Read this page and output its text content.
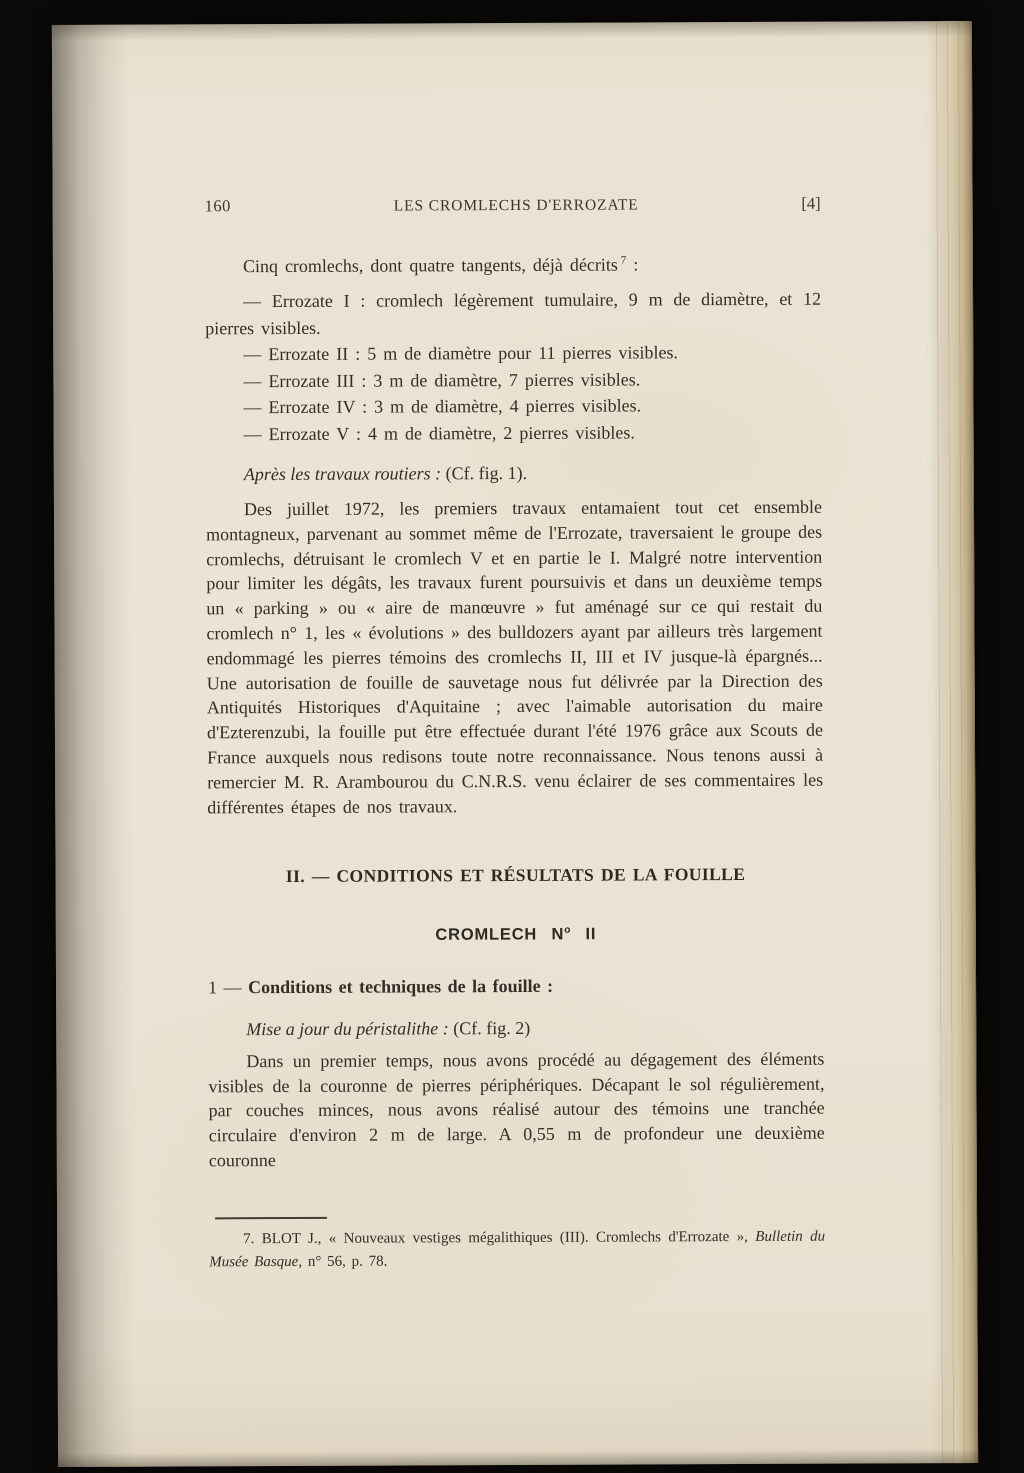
160	LES CROMLECHS D'ERROZATE	[4]

Cinq cromlechs, dont quatre tangents, déjà décrits $^7$ :

— Errozate I : cromlech légèrement tumulaire, 9 m de diamètre, et 12 pierres visibles.

— Errozate II : 5 m de diamètre pour 11 pierres visibles.

— Errozate III : 3 m de diamètre, 7 pierres visibles.

— Errozate IV : 3 m de diamètre, 4 pierres visibles.

— Errozate V : 4 m de diamètre, 2 pierres visibles.

Après les travaux routiers : (Cf. fig. 1).

Des juillet 1972, les premiers travaux entamaient tout cet ensemble montagneux, parvenant au sommet même de l'Errozate, traversaient le groupe des cromlechs, détruisant le cromlech V et en partie le I. Malgré notre intervention pour limiter les dégâts, les travaux furent poursuivis et dans un deuxième temps un « parking » ou « aire de manœuvre » fut aménagé sur ce qui restait du cromlech n° 1, les « évolutions » des bulldozers ayant par ailleurs très largement endommagé les pierres témoins des cromlechs II, III et IV jusque-là épargnés... Une autorisation de fouille de sauvetage nous fut délivrée par la Direction des Antiquités Historiques d'Aquitaine ; avec l'aimable autorisation du maire d'Ezterenzubi, la fouille put être effectuée durant l'été 1976 grâce aux Scouts de France auxquels nous redisons toute notre reconnaissance. Nous tenons aussi à remercier M. R. Arambourou du C.N.R.S. venu éclairer de ses commentaires les différentes étapes de nos travaux.

II. — CONDITIONS ET RÉSULTATS DE LA FOUILLE
CROMLECH $N^o$ II

1 — Conditions et techniques de la fouille :

Mise a jour du péristalithe : (Cf. fig. 2)

Dans un premier temps, nous avons procédé au dégagement des éléments visibles de la couronne de pierres périphériques. Décapant le sol régulièrement, par couches minces, nous avons réalisé autour des témoins une tranchée circulaire d'environ 2 m de large. A 0,55 m de profondeur une deuxième couronne

7. BLOT J., « Nouveaux vestiges mégalithiques (III). Cromlechs d'Errozate », Bulletin du Musée Basque, n° 56, p. 78.
